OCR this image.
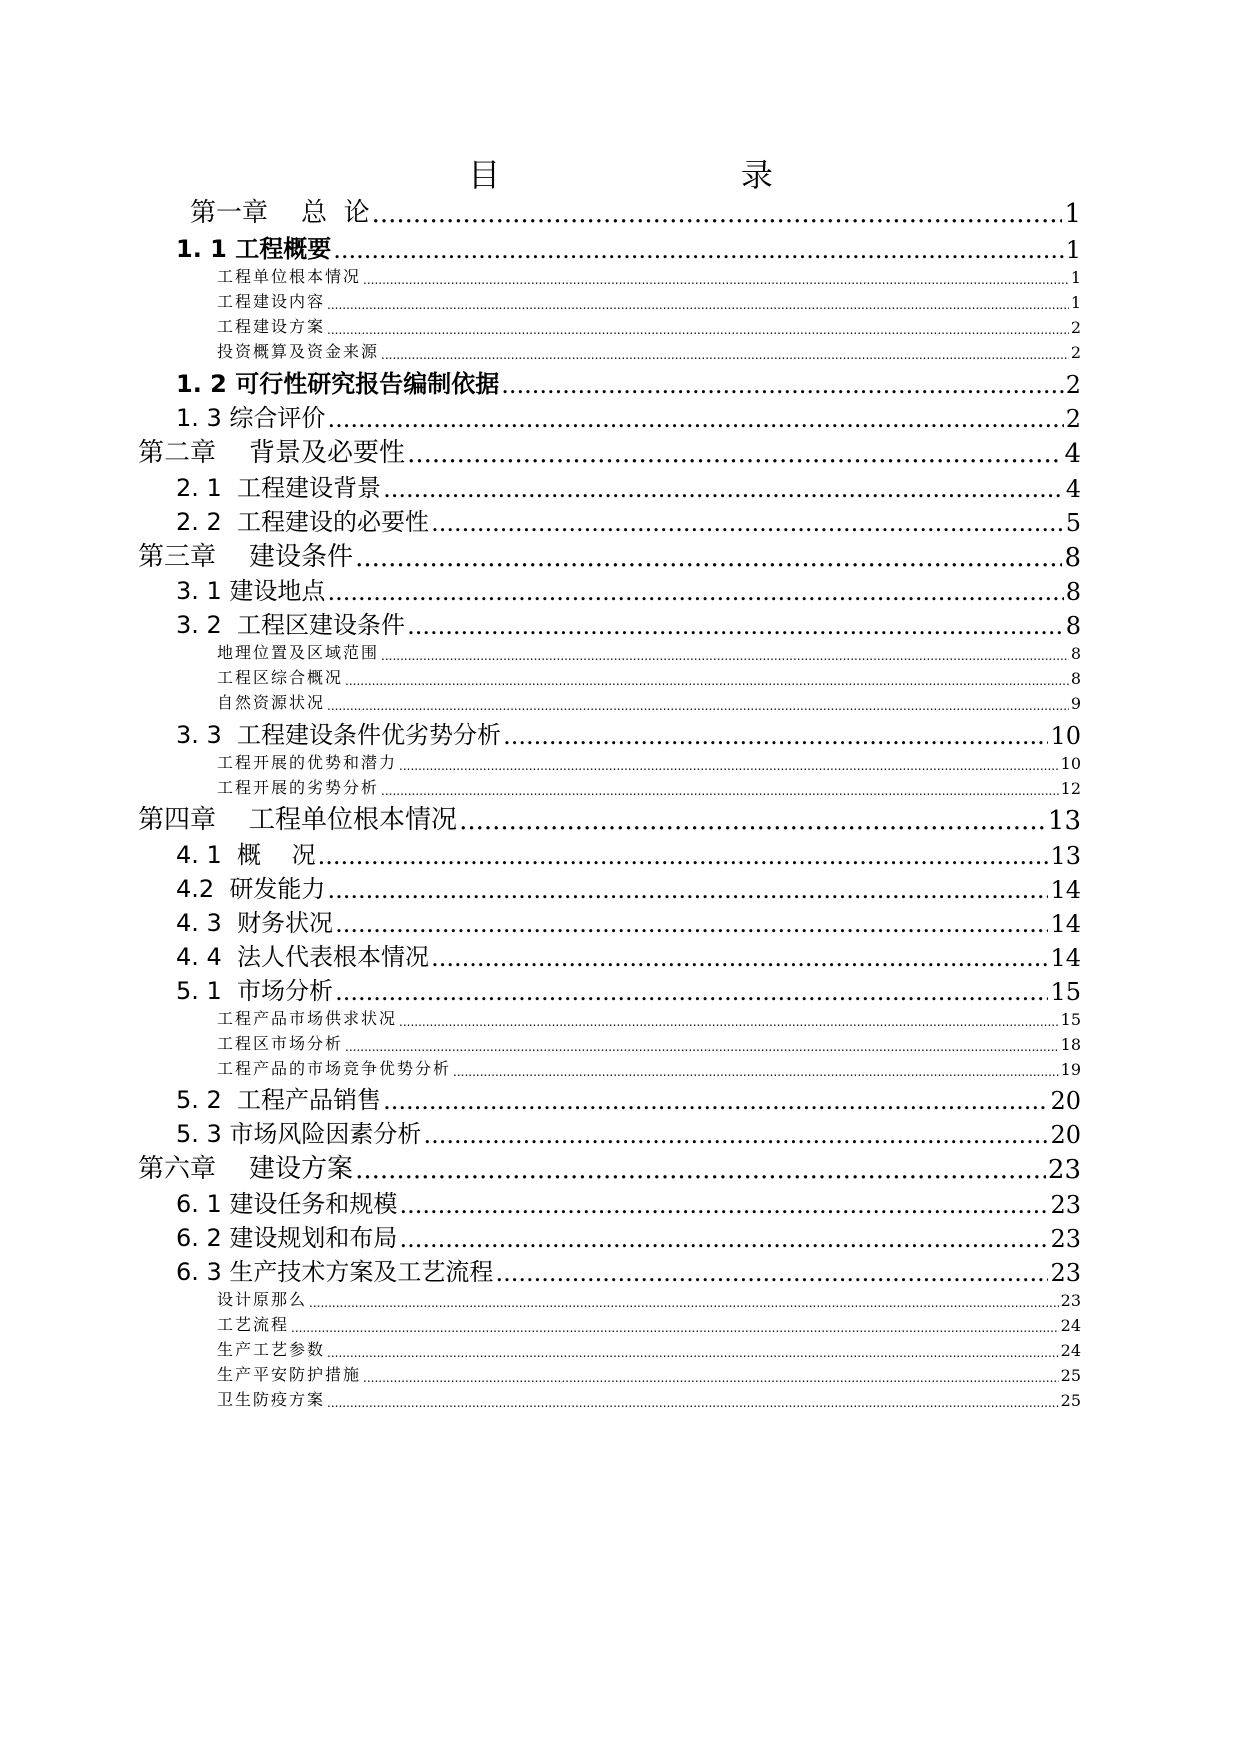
目    录
第一章    总  论 .....	1
1. 1 工程概要 .....	1
工程单位根本情况 .....	1
工程建设内容 .....	1
工程建设方案 .....	2
投资概算及资金来源 .....	2
1. 2 可行性研究报告编制依据 .....	2
1. 3 综合评价 .....	2
第二章    背景及必要性 .....	4
2. 1  工程建设背景 .....	4
2. 2  工程建设的必要性 .....	5
第三章    建设条件 .....	8
3. 1 建设地点 .....	8
3. 2  工程区建设条件 .....	8
地理位置及区域范围 .....	8
工程区综合概况 .....	8
自然资源状况 .....	9
3. 3  工程建设条件优劣势分析 .....	10
工程开展的优势和潜力 .....	10
工程开展的劣势分析 .....	12
第四章    工程单位根本情况 .....	13
4. 1  概    况 .....	13
4.2  研发能力 .....	14
4. 3  财务状况 .....	14
4. 4  法人代表根本情况 .....	14
5. 1  市场分析 .....	15
工程产品市场供求状况 .....	15
工程区市场分析 .....	18
工程产品的市场竞争优势分析 .....	19
5. 2  工程产品销售 .....	20
5. 3 市场风险因素分析 .....	20
第六章    建设方案 .....	23
6. 1 建设任务和规模 .....	23
6. 2 建设规划和布局 .....	23
6. 3 生产技术方案及工艺流程 .....	23
设计原那么 .....	23
工艺流程 .....	24
生产工艺参数 .....	24
生产平安防护措施 .....	25
卫生防疫方案 .....	25
